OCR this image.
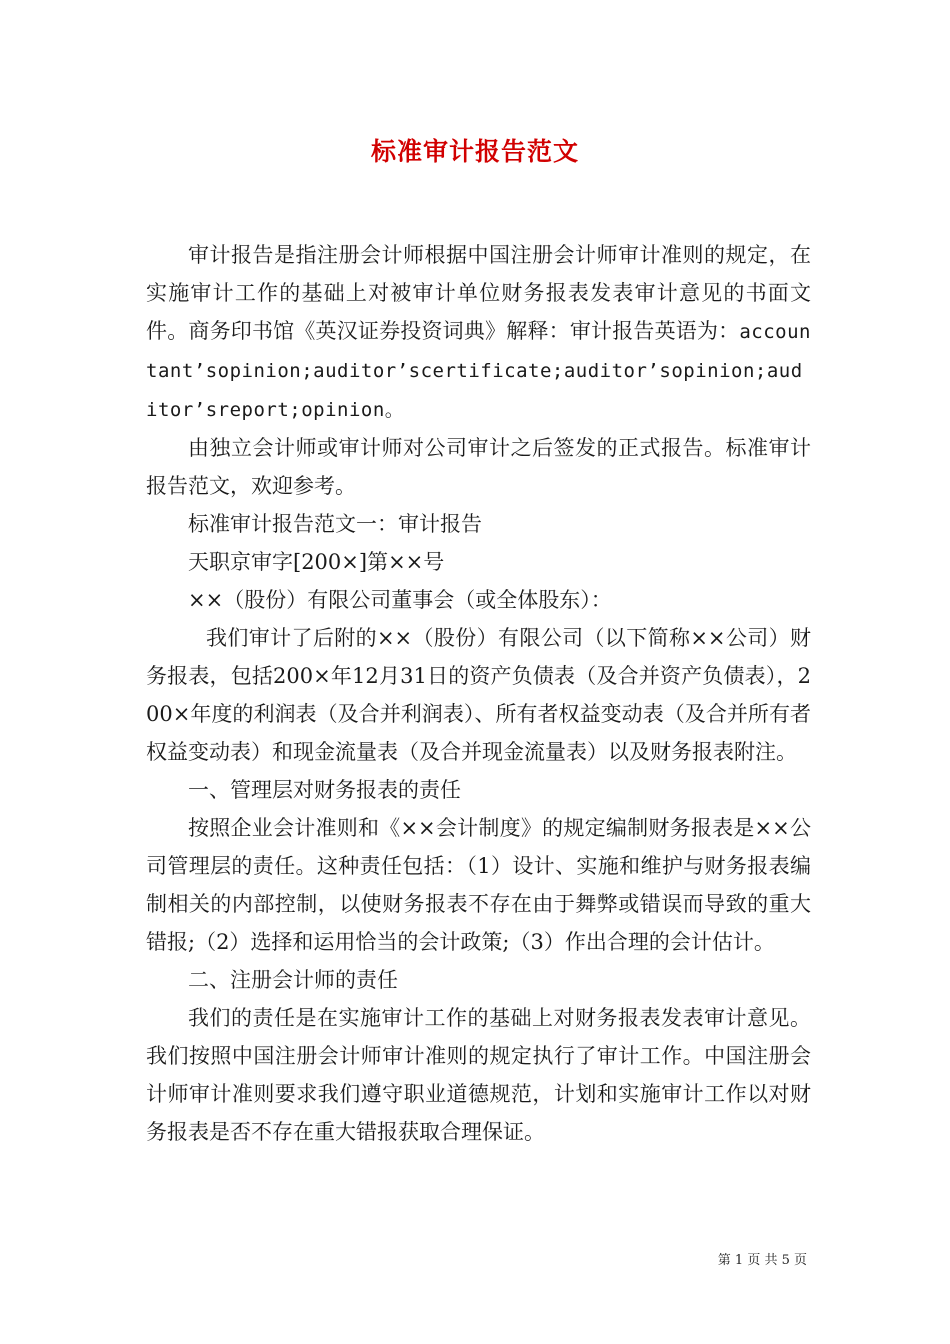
标准审计报告范文

审计报告是指注册会计师根据中国注册会计师审计准则的规定，在实施审计工作的基础上对被审计单位财务报表发表审计意见的书面文件。商务印书馆《英汉证券投资词典》解释：审计报告英语为：accountant’sopinion;auditor’scertificate;auditor’sopinion;auditor’sreport;opinion。

由独立会计师或审计师对公司审计之后签发的正式报告。标准审计报告范文，欢迎参考。

标准审计报告范文一：审计报告

天职京审字[200×]第××号

××（股份）有限公司董事会（或全体股东）：

我们审计了后附的××（股份）有限公司（以下简称××公司）财务报表，包括200×年12月31日的资产负债表（及合并资产负债表），200×年度的利润表（及合并利润表）、所有者权益变动表（及合并所有者权益变动表）和现金流量表（及合并现金流量表）以及财务报表附注。

一、管理层对财务报表的责任

按照企业会计准则和《××会计制度》的规定编制财务报表是××公司管理层的责任。这种责任包括：（1）设计、实施和维护与财务报表编制相关的内部控制，以使财务报表不存在由于舞弊或错误而导致的重大错报;（2）选择和运用恰当的会计政策;（3）作出合理的会计估计。

二、注册会计师的责任

我们的责任是在实施审计工作的基础上对财务报表发表审计意见。我们按照中国注册会计师审计准则的规定执行了审计工作。中国注册会计师审计准则要求我们遵守职业道德规范，计划和实施审计工作以对财务报表是否不存在重大错报获取合理保证。

第 1 页 共 5 页
